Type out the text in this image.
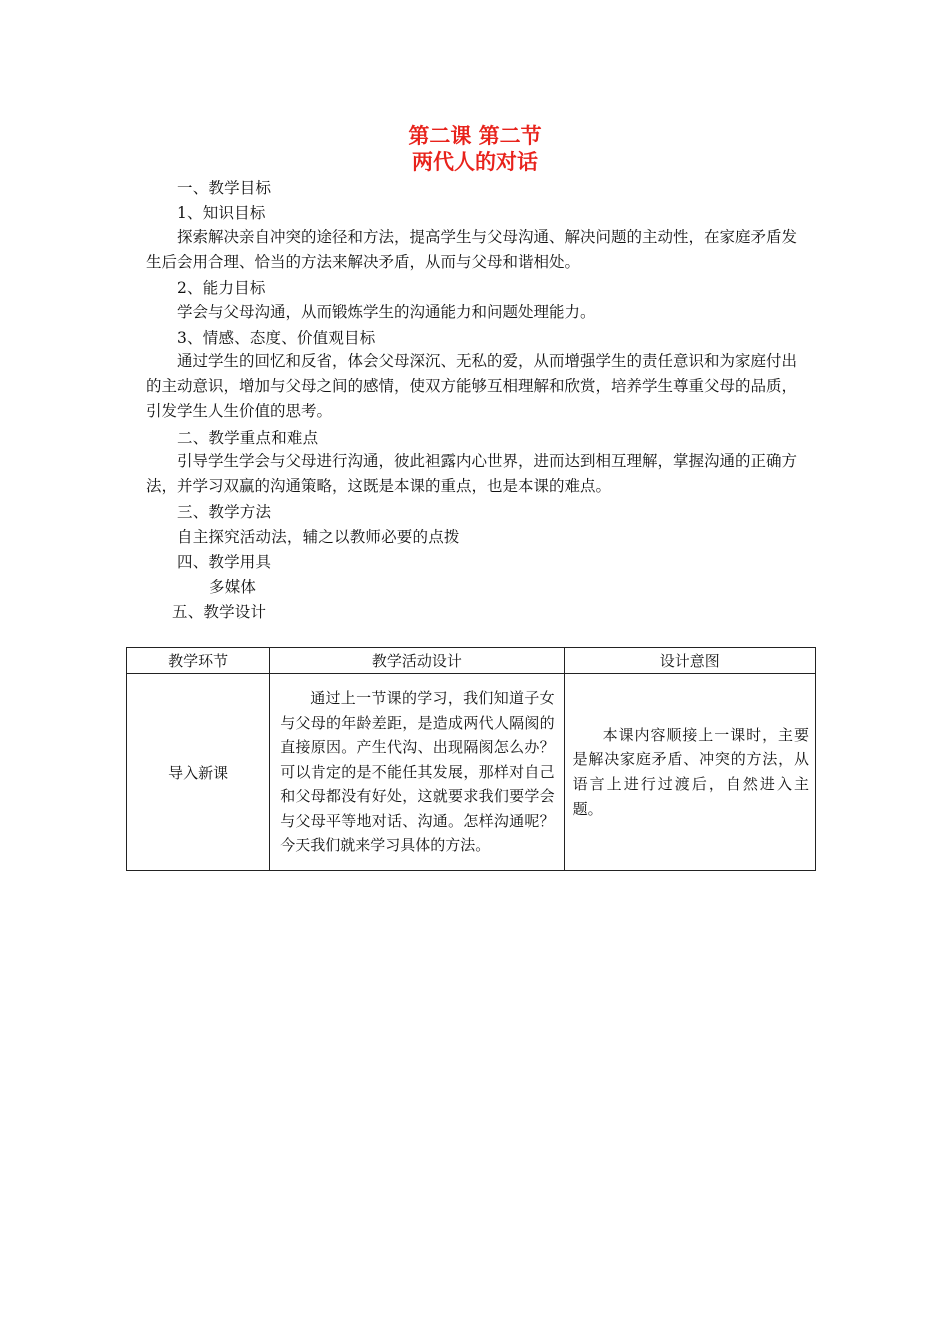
第二课 第二节
两代人的对话
一、教学目标
1、知识目标
探索解决亲自冲突的途径和方法，提高学生与父母沟通、解决问题的主动性，在家庭矛盾发生后会用合理、恰当的方法来解决矛盾，从而与父母和谐相处。
2、能力目标
学会与父母沟通，从而锻炼学生的沟通能力和问题处理能力。
3、情感、态度、价值观目标
通过学生的回忆和反省，体会父母深沉、无私的爱，从而增强学生的责任意识和为家庭付出的主动意识，增加与父母之间的感情，使双方能够互相理解和欣赏，培养学生尊重父母的品质，引发学生人生价值的思考。
二、教学重点和难点
引导学生学会与父母进行沟通，彼此袒露内心世界，进而达到相互理解，掌握沟通的正确方法，并学习双赢的沟通策略，这既是本课的重点，也是本课的难点。
三、教学方法
自主探究活动法，辅之以教师必要的点拨
四、教学用具
多媒体
五、教学设计
教学环节	教学活动设计	设计意图
导入新课	通过上一节课的学习，我们知道子女与父母的年龄差距，是造成两代人隔阂的直接原因。产生代沟、出现隔阂怎么办？可以肯定的是不能任其发展，那样对自己和父母都没有好处，这就要求我们要学会与父母平等地对话、沟通。怎样沟通呢？今天我们就来学习具体的方法。	本课内容顺接上一课时，主要是解决家庭矛盾、冲突的方法，从语言上进行过渡后，自然进入主题。
